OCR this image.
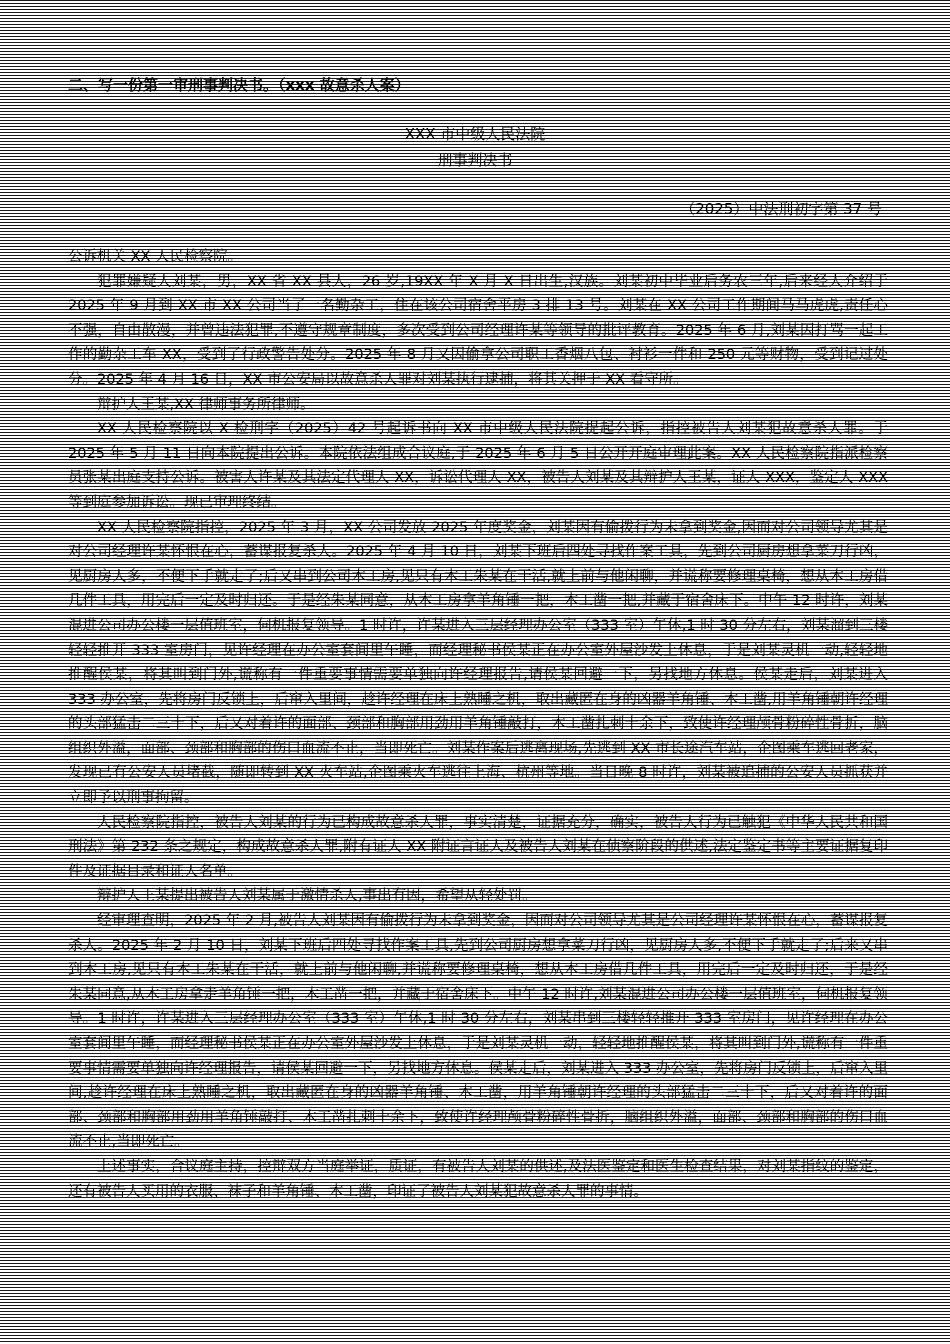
二、写一份第一审刑事判决书。（xxx 故意杀人案）
XXX 市中级人民法院
刑事判决书
（2025）中法刑初字第 37 号

公诉机关 XX 人民检察院。

犯罪嫌疑人刘某，男，XX 省 XX 县人，26 岁,19XX 年 X 月 X 日出生,汉族。刘某初中毕业后务农三年,后来经人介绍于 2025 年 9 月到 XX 市 XX 公司当了一名勤杂工，住在该公司宿舍平房 3 排 13 号。刘某在 XX 公司工作期间马马虎虎,责任心不强，自由散漫，并曾违法犯罪,不遵守规章制度，多次受到公司经理许某等领导的批评教育。2025 年 6 月,刘某因打骂一起工作的勤杂工车 XX，受到了行政警告处分。2025 年 8 月又因偷拿公司职工香烟八包、衬衫一件和 250 元等财物，受到记过处分。2025 年 4 月 16 日，XX 市公安局以故意杀人罪对刘某执行逮捕，将其关押于 XX 看守所。

辩护人王某,XX 律师事务所律师。

XX 人民检察院以 X 检刑字（2025）42 号起诉书向 XX 市中级人民法院提起公诉，指控被告人刘某犯故意杀人罪。于 2025 年 5 月 11 日向本院提出公诉。本院依法组成合议庭,于 2025 年 6 月 5 日公开开庭审理此案。XX 人民检察院指派检察员张某出庭支持公诉。被害人许某及其法定代理人 XX，诉讼代理人 XX，被告人刘某及其辩护人王某，证人 XXX，鉴定人 XXX 等到庭参加诉讼。现已审理终结。

XX 人民检察院指控，2025 年 3 月，XX 公司发放 2025 年度奖金，刘某因有偷拨行为未拿到奖金,因而对公司领导尤其是对公司经理许某怀恨在心，蓄谋报复杀人。2025 年 4 月 10 日，刘某下班后四处寻找作案工具，先到公司厨房想拿菜刀行凶，见厨房人多，不便下手就走了;后又串到公司木工房,见只有木工朱某在干活,就上前与他闲聊，并谎称要修理桌椅，想从木工房借几件工具，用完后一定及时归还。于是经朱某同意，从木工房拿羊角锤一把，木工凿一把,并藏于宿舍床下。中午 12 时许，刘某混进公司办公楼一层值班室，伺机报复领导。1 时许，许某进入三层经理办公室（333 室）午休,1 时 30 分左右，刘某溜到三楼轻轻推开 333 室房门，见许经理在办公室套间里午睡，而经理秘书侯某正在办公室外屋沙发上休息，于是刘某灵机一动,轻轻地推醒侯某，将其叫到门外,谎称有一件重要事情需要单独向许经理报告,请侯某回避一下，另找地方休息。侯某走后，刘某进入 333 办公室，先将房门反锁上，后窜入里间，趁许经理在床上熟睡之机，取出藏匿在身的凶器羊角锤、木工凿,用羊角锤朝许经理的头部猛击二三十下，后又对着许的面部、颈部和胸部用劲用羊角锤敲打，木工凿扎刺十余下，致使许经理颅骨粉碎性骨折，脑组织外溢，面部、颈部和胸部的伤口血流不止，当即死亡。刘某作案后逃离现场,先逃到 XX 市长途汽车站，企图乘车逃回老家，发现已有公安人员堵截，随即转到 XX 火车站,企图乘火车逃往上海、杭州等地。当日晚 8 时许，刘某被追捕的公安人员抓获并立即予以刑事拘留。

人民检察院指控，被告人刘某的行为已构成故意杀人罪，事实清楚，证据充分，确实，被告人行为已触犯《中华人民共和国刑法》第 232 条之规定，构成故意杀人罪,附有证人 XX 附证言证人及被告人刘某在侦察阶段的供述,法定鉴定书等主要证据复印件及证据目录和证人名单。

辩护人王某提出被告人刘某属于激情杀人,事出有因，希望从轻处罚。

经审理查明，2025 年 2 月,被告人刘某因有偷拨行为未拿到奖金，因而对公司领导尤其是公司经理许某怀恨在心，蓄谋报复杀人。2025 年 2 月 10 日，刘某下班后四处寻找作案工具,先到公司厨房想拿菜刀行凶，见厨房人多,不便下手就走了;后来又串到木工房,见只有木工朱某在干活，就上前与他闲聊,并谎称要修理桌椅，想从木工房借几件工具，用完后一定及时归还，于是经朱某同意,从木工房拿走羊角锤一把，木工凿一把，并藏于宿舍床下。中午 12 时许,刘某混进公司办公楼一层值班室，伺机报复领导。1 时许，许某进入三层经理办公室（333 室）午休,1 时 30 分左右，刘某串到三楼轻轻推开 333 室房门，见许经理在办公室套间里午睡，而经理秘书侯某正在办公室外屋沙发上休息，于是刘某灵机一动，轻轻地推醒侯某，将其叫到门外,谎称有一件重要事情需要单独向许经理报告，请侯某回避一下，另找地方休息。侯某走后，刘某进入 333 办公室，先将房门反锁上，后窜入里间,趁许经理在床上熟睡之机，取出藏匿在身的凶器羊角锤、木工凿，用羊角锤朝许经理的头部猛击二三十下，后又对着许的面部、颈部和胸部用劲用羊角锤敲打、木工凿扎刺十余下，致使许经理颅骨粉碎性骨折，脑组织外溢，面部、颈部和胸部的伤口血流不止,当即死亡。

上述事实，合议庭主持，控辩双方当庭举证，质证，有被告人刘某的供述,及法医鉴定和医生检查结果，对刘某指纹的鉴定，还有被告人买用的衣服、袜子和羊角锤、木工凿，印证了被告人刘某犯故意杀人罪的事情。
